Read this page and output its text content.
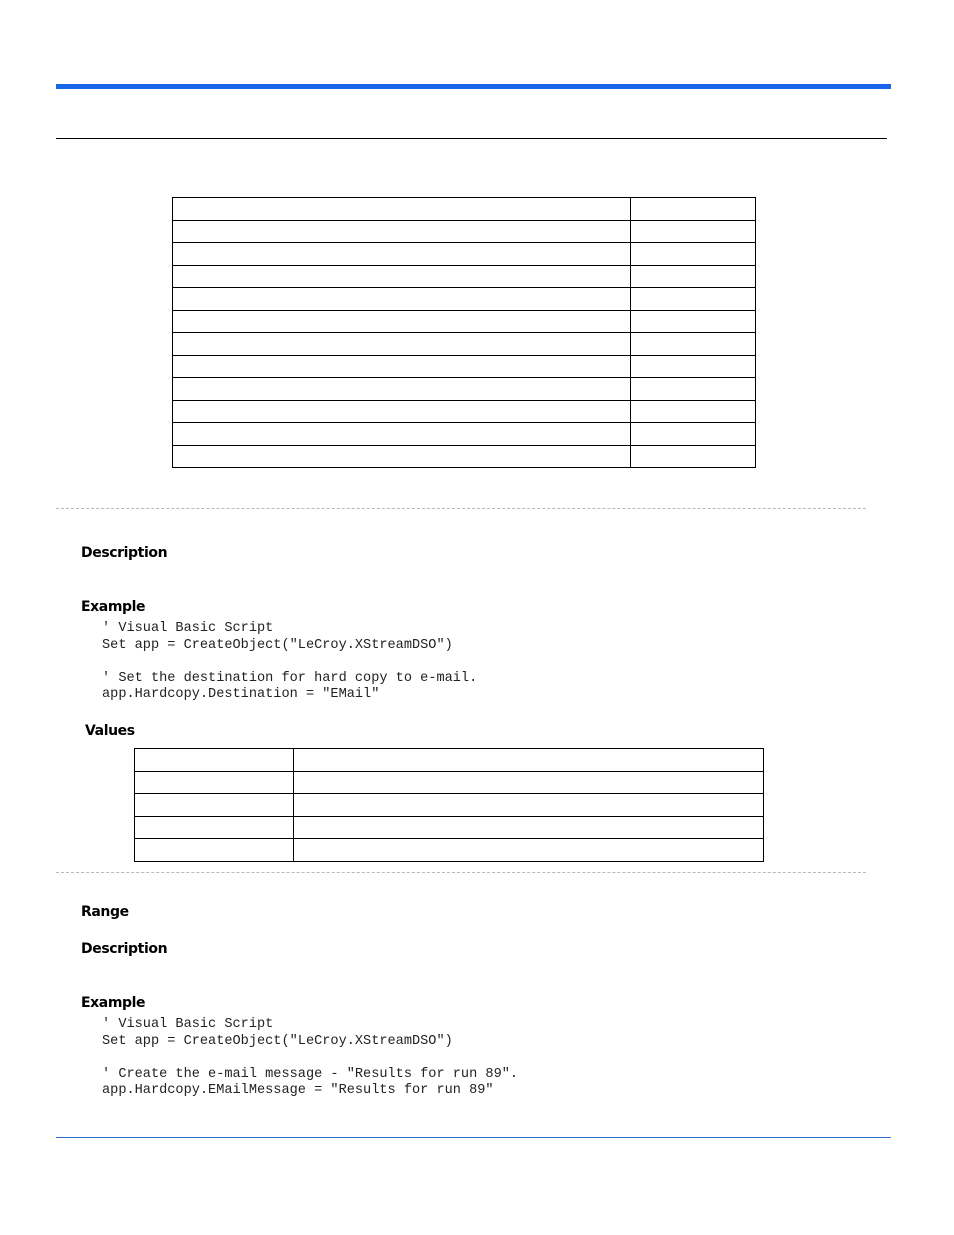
Description
Example
' Visual Basic Script
Set app = CreateObject("LeCroy.XStreamDSO")
' Set the destination for hard copy to e-mail.
app.Hardcopy.Destination = "EMail"
Values

Range
Description
Example
' Visual Basic Script
Set app = CreateObject("LeCroy.XStreamDSO")
' Create the e-mail message - "Results for run 89".
app.Hardcopy.EMailMessage = "Results for run 89"
